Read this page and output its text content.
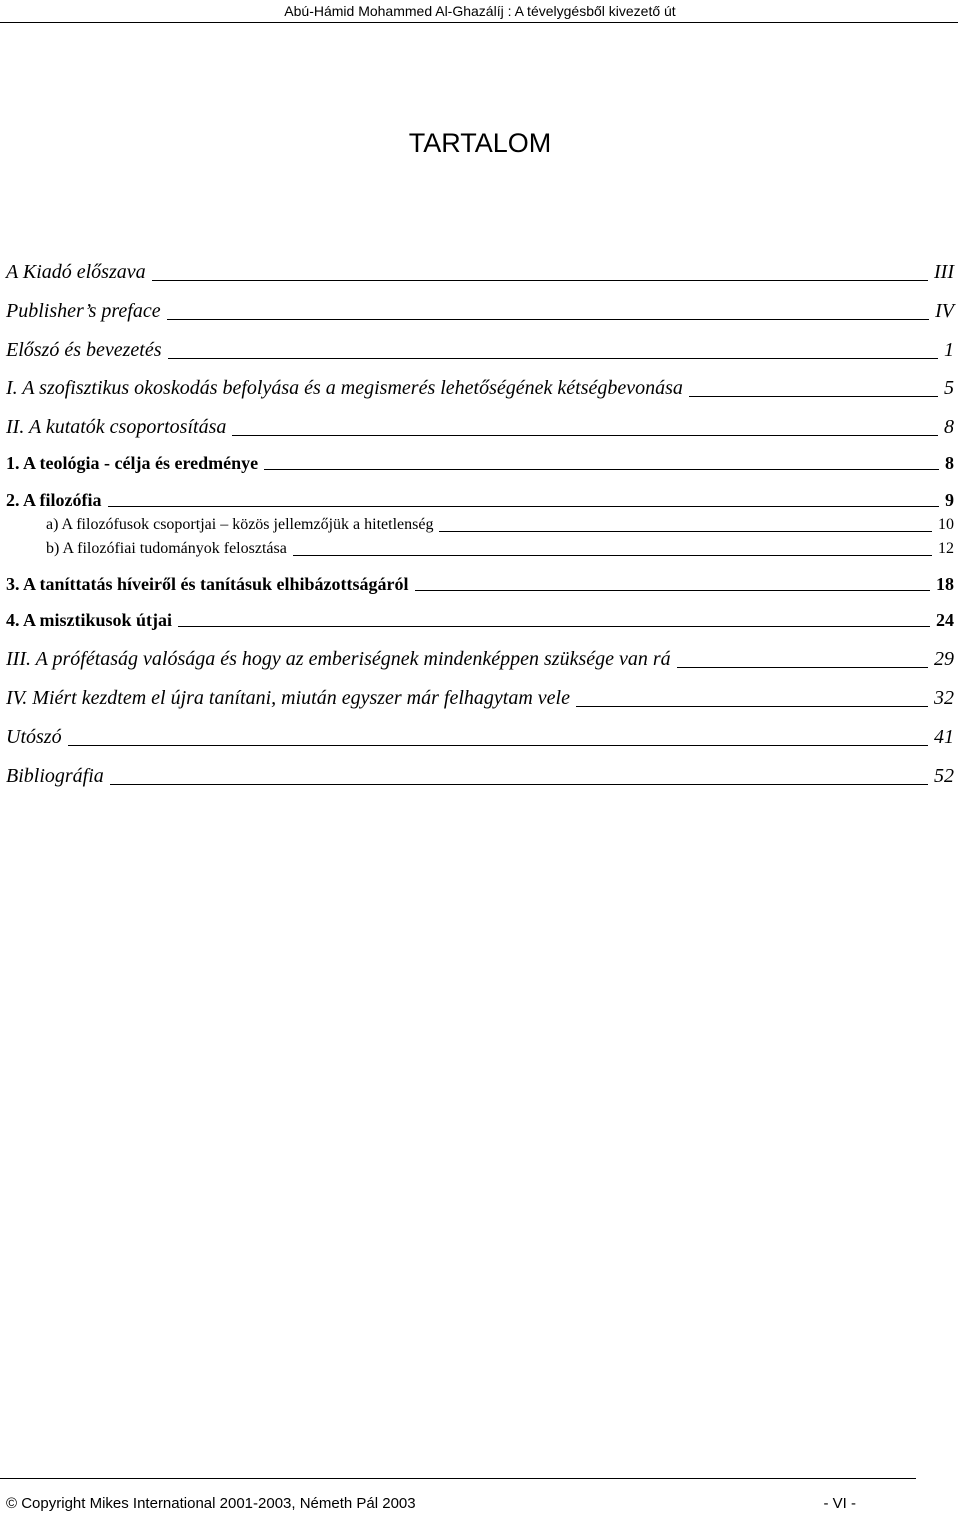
Abú-Hámid Mohammed Al-Ghazálíj : A tévelygésből kivezető út
TARTALOM
A Kiadó előszava	III
Publisher’s preface	IV
Előszó és bevezetés	1
I. A szofisztikus okoskodás befolyása és a megismerés lehetőségének kétségbevonása	5
II. A kutatók csoportosítása	8
1. A teológia - célja és eredménye	8
2. A filozófia	9
a) A filozófusok csoportjai – közös jellemzőjük a hitetlenség	10
b) A filozófiai tudományok felosztása	12
3. A taníttatás híveiről és tanításuk elhibázottságáról	18
4. A misztikusok útjai	24
III. A prófétaság valósága és hogy az emberiségnek mindenképpen szüksége van rá	29
IV. Miért kezdtem el újra tanítani, miután egyszer már felhagytam vele	32
Utószó	41
Bibliográfia	52
© Copyright Mikes International 2001-2003, Németh Pál 2003	- VI -
